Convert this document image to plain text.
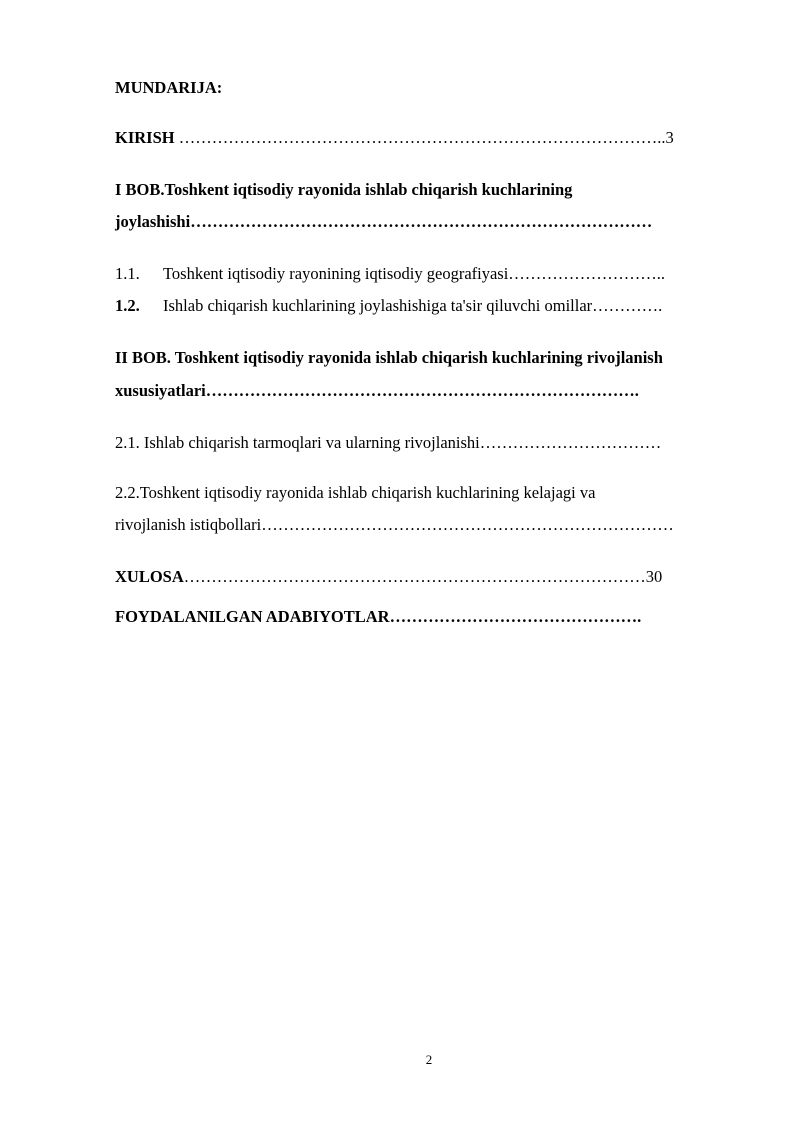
MUNDARIJA:
KIRISH ……………………………………………………………………………..3
I BOB.Toshkent iqtisodiy rayonida ishlab chiqarish kuchlarining
joylashishi…………………………………………………………………………
1.1. Toshkent iqtisodiy rayonining iqtisodiy geografiyasi………………………..
1.2. Ishlab chiqarish kuchlarining joylashishiga ta'sir qiluvchi omillar………….
II BOB. Toshkent iqtisodiy rayonida ishlab chiqarish kuchlarining rivojlanish
xususiyatlari…………………………………………………………………….
2.1. Ishlab chiqarish tarmoqlari va ularning rivojlanishi……………………………
2.2.Toshkent iqtisodiy rayonida ishlab chiqarish kuchlarining kelajagi va
rivojlanish istiqbollari…………………………………………………………………
XULOSA…………………………………………………………………………30
FOYDALANILGAN ADABIYOTLAR……………………………………….
2
